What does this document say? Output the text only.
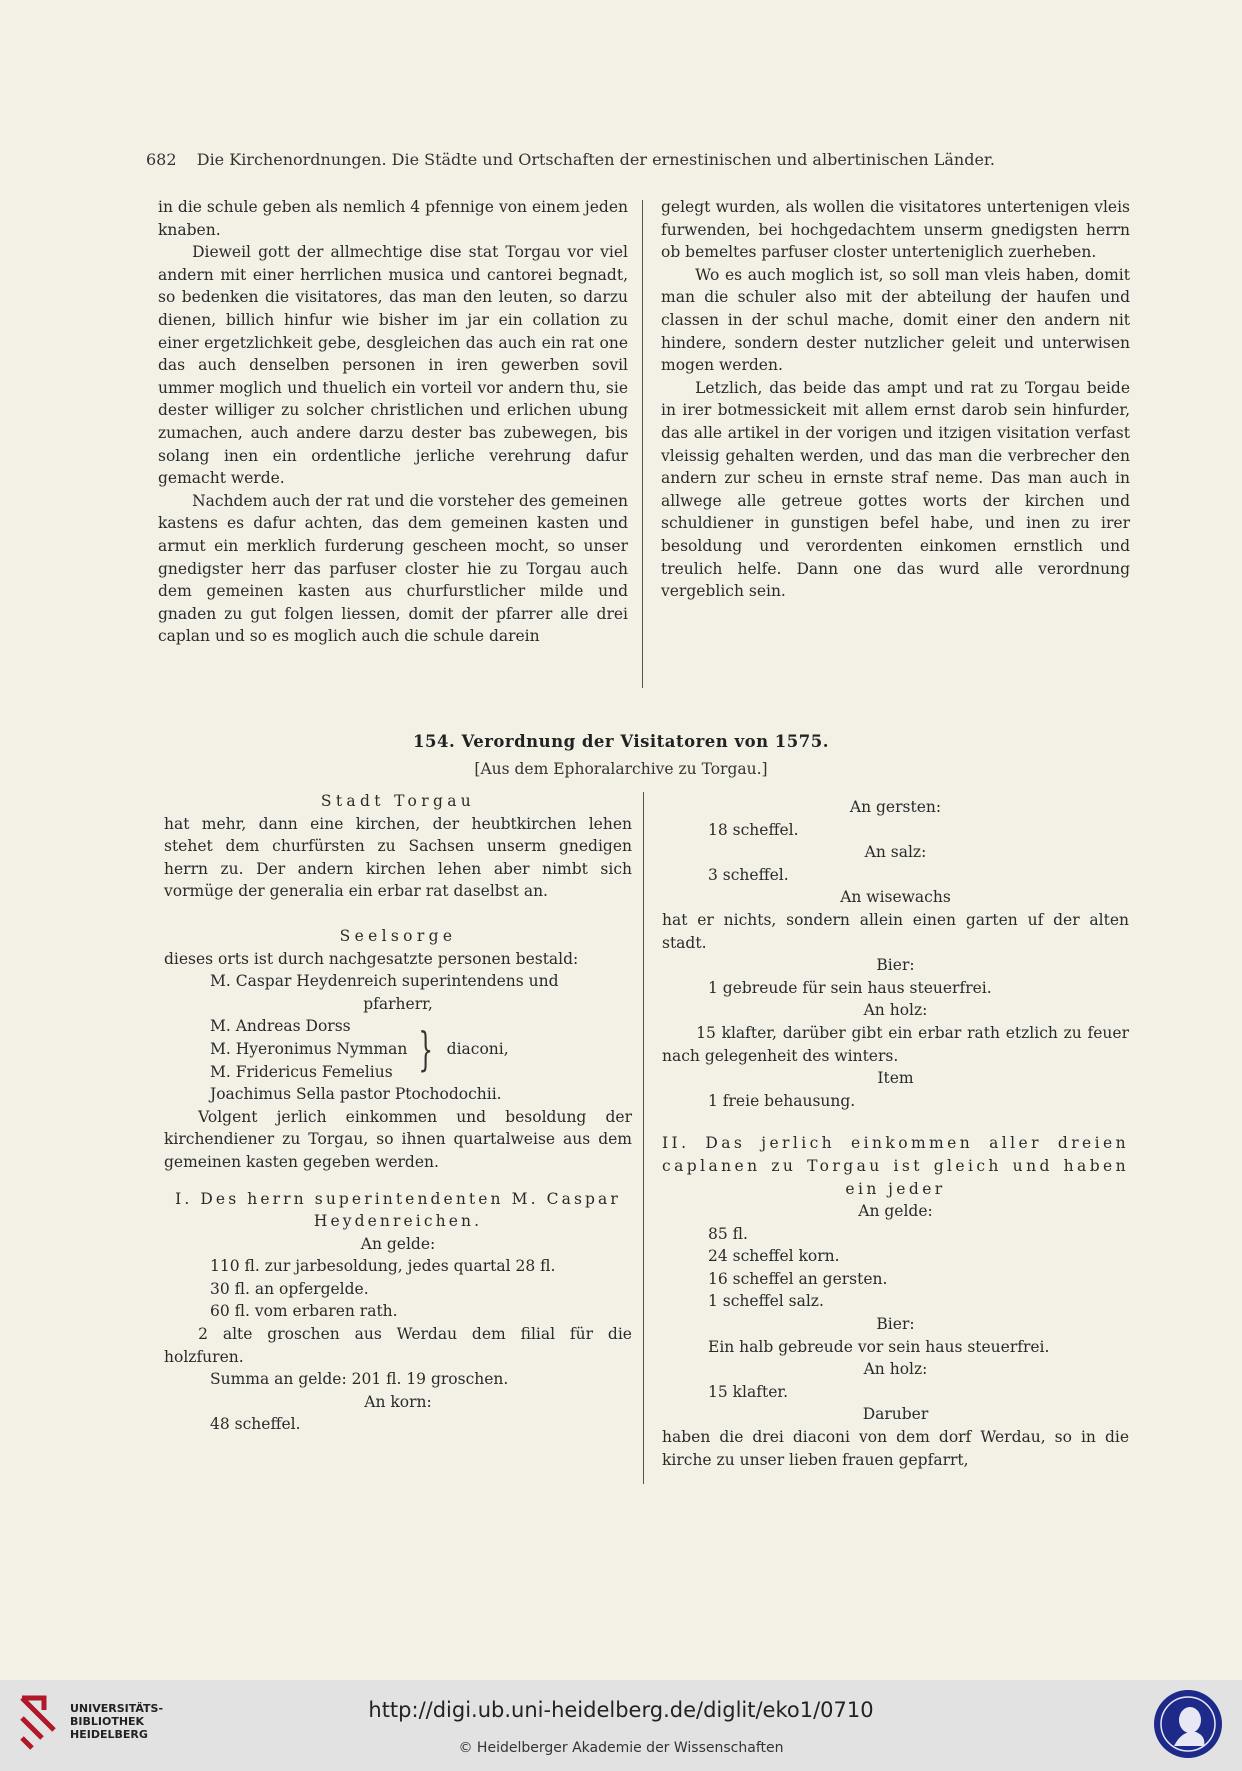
682 Die Kirchenordnungen. Die Städte und Ortschaften der ernestinischen und albertinischen Länder.

in die schule geben als nemlich 4 pfennige von einem jeden knaben.

Dieweil gott der allmechtige dise stat Torgau vor viel andern mit einer herrlichen musica und cantorei begnadt, so bedenken die visitatores, das man den leuten, so darzu dienen, billich hinfur wie bisher im jar ein collation zu einer ergetzlichkeit gebe, desgleichen das auch ein rat one das auch denselben personen in iren gewerben sovil ummer moglich und thuelich ein vorteil vor andern thu, sie dester williger zu solcher christlichen und erlichen ubung zumachen, auch andere darzu dester bas zubewegen, bis solang inen ein ordentliche jerliche verehrung dafur gemacht werde.

Nachdem auch der rat und die vorsteher des gemeinen kastens es dafur achten, das dem gemeinen kasten und armut ein merklich furderung gescheen mocht, so unser gnedigster herr das parfuser closter hie zu Torgau auch dem gemeinen kasten aus churfurstlicher milde und gnaden zu gut folgen liessen, domit der pfarrer alle drei caplan und so es moglich auch die schule darein

gelegt wurden, als wollen die visitatores untertenigen vleis furwenden, bei hochgedachtem unserm gnedigsten herrn ob bemeltes parfuser closter unterteniglich zuerheben.

Wo es auch moglich ist, so soll man vleis haben, domit man die schuler also mit der abteilung der haufen und classen in der schul mache, domit einer den andern nit hindere, sondern dester nutzlicher geleit und unterwisen mogen werden.

Letzlich, das beide das ampt und rat zu Torgau beide in irer botmessickeit mit allem ernst darob sein hinfurder, das alle artikel in der vorigen und itzigen visitation verfast vleissig gehalten werden, und das man die verbrecher den andern zur scheu in ernste straf neme. Das man auch in allwege alle getreue gottes worts der kirchen und schuldiener in gunstigen befel habe, und inen zu irer besoldung und verordenten einkomen ernstlich und treulich helfe. Dann one das wurd alle verordnung vergeblich sein.

154. Verordnung der Visitatoren von 1575.
[Aus dem Ephoralarchive zu Torgau.]
Stadt Torgau

hat mehr, dann eine kirchen, der heubtkirchen lehen stehet dem churfürsten zu Sachsen unserm gnedigen herrn zu. Der andern kirchen lehen aber nimbt sich vormüge der generalia ein erbar rat daselbst an.

Seelsorge

dieses orts ist durch nachgesatzte personen bestald:

M. Caspar Heydenreich superintendens und
pfarherr,
M. Andreas Dorss
M. Hyeronimus Nymman
M. Fridericus Femelius } diaconi,
Joachimus Sella pastor Ptochodochii.

Volgent jerlich einkommen und besoldung der kirchendiener zu Torgau, so ihnen quartalweise aus dem gemeinen kasten gegeben werden.

I. Des herrn superintendenten M. Caspar Heydenreichen.
An gelde:
110 fl. zur jarbesoldung, jedes quartal 28 fl.
30 fl. an opfergelde.
60 fl. vom erbaren rath.

2 alte groschen aus Werdau dem filial für die holzfuren.

Summa an gelde: 201 fl. 19 groschen.
An korn:
48 scheffel.
An gersten:
18 scheffel.
An salz:
3 scheffel.
An wisewachs

hat er nichts, sondern allein einen garten uf der alten stadt.

Bier:
1 gebreude für sein haus steuerfrei.
An holz:

15 klafter, darüber gibt ein erbar rath etzlich zu feuer nach gelegenheit des winters.

Item
1 freie behausung.

II. Das jerlich einkommen aller dreien caplanen zu Torgau ist gleich und haben ein jeder

An gelde:
85 fl.
24 scheffel korn.
16 scheffel an gersten.
1 scheffel salz.
Bier:
Ein halb gebreude vor sein haus steuerfrei.
An holz:
15 klafter.
Daruber

haben die drei diaconi von dem dorf Werdau, so in die kirche zu unser lieben frauen gepfarrt,

UNIVERSITÄTS-
BIBLIOTHEK
HEIDELBERG
http://digi.ub.uni-heidelberg.de/diglit/eko1/0710
© Heidelberger Akademie der Wissenschaften
